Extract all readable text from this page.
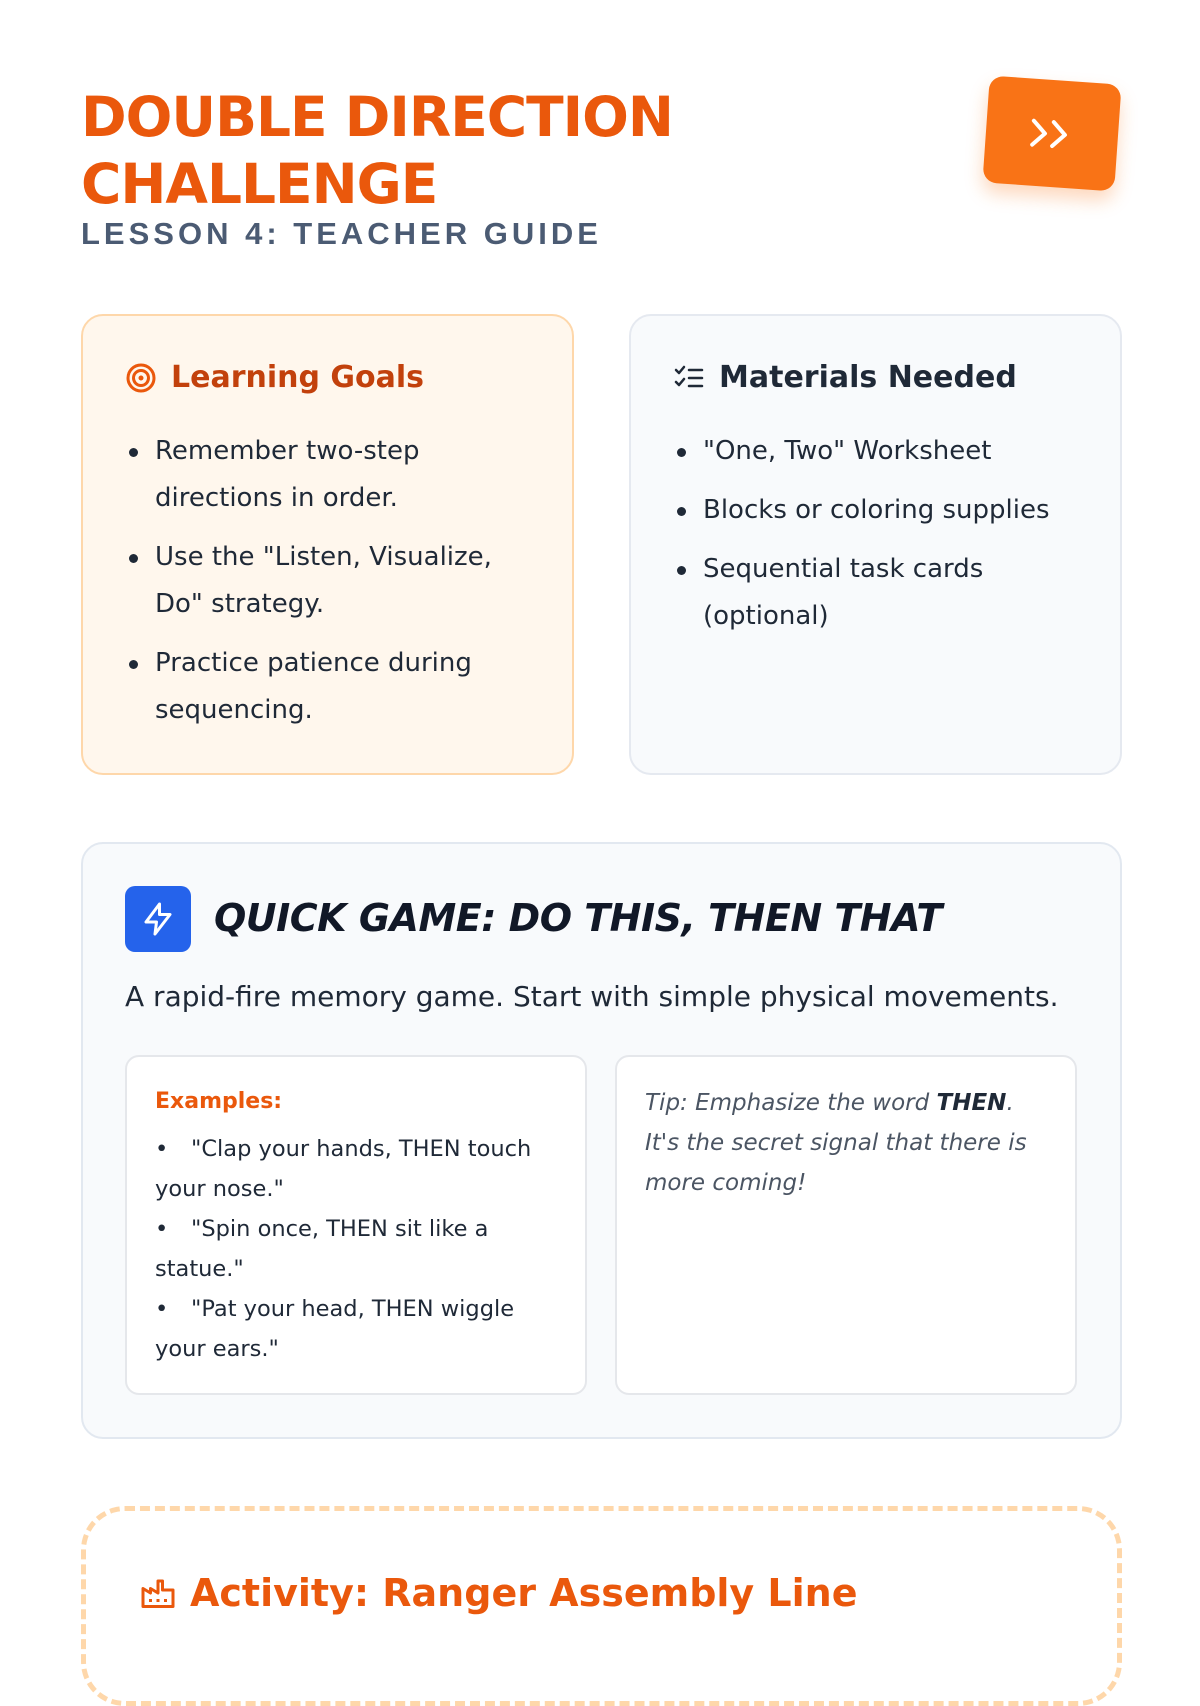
DOUBLE DIRECTION CHALLENGE
LESSON 4: TEACHER GUIDE
Learning Goals
Remember two-step directions in order.
Use the "Listen, Visualize, Do" strategy.
Practice patience during sequencing.
Materials Needed
"One, Two" Worksheet
Blocks or coloring supplies
Sequential task cards (optional)
QUICK GAME: DO THIS, THEN THAT
A rapid-fire memory game. Start with simple physical movements.
Examples:
• "Clap your hands, THEN touch your nose."
• "Spin once, THEN sit like a statue."
• "Pat your head, THEN wiggle your ears."
Tip: Emphasize the word THEN. It's the secret signal that there is more coming!
Activity: Ranger Assembly Line
